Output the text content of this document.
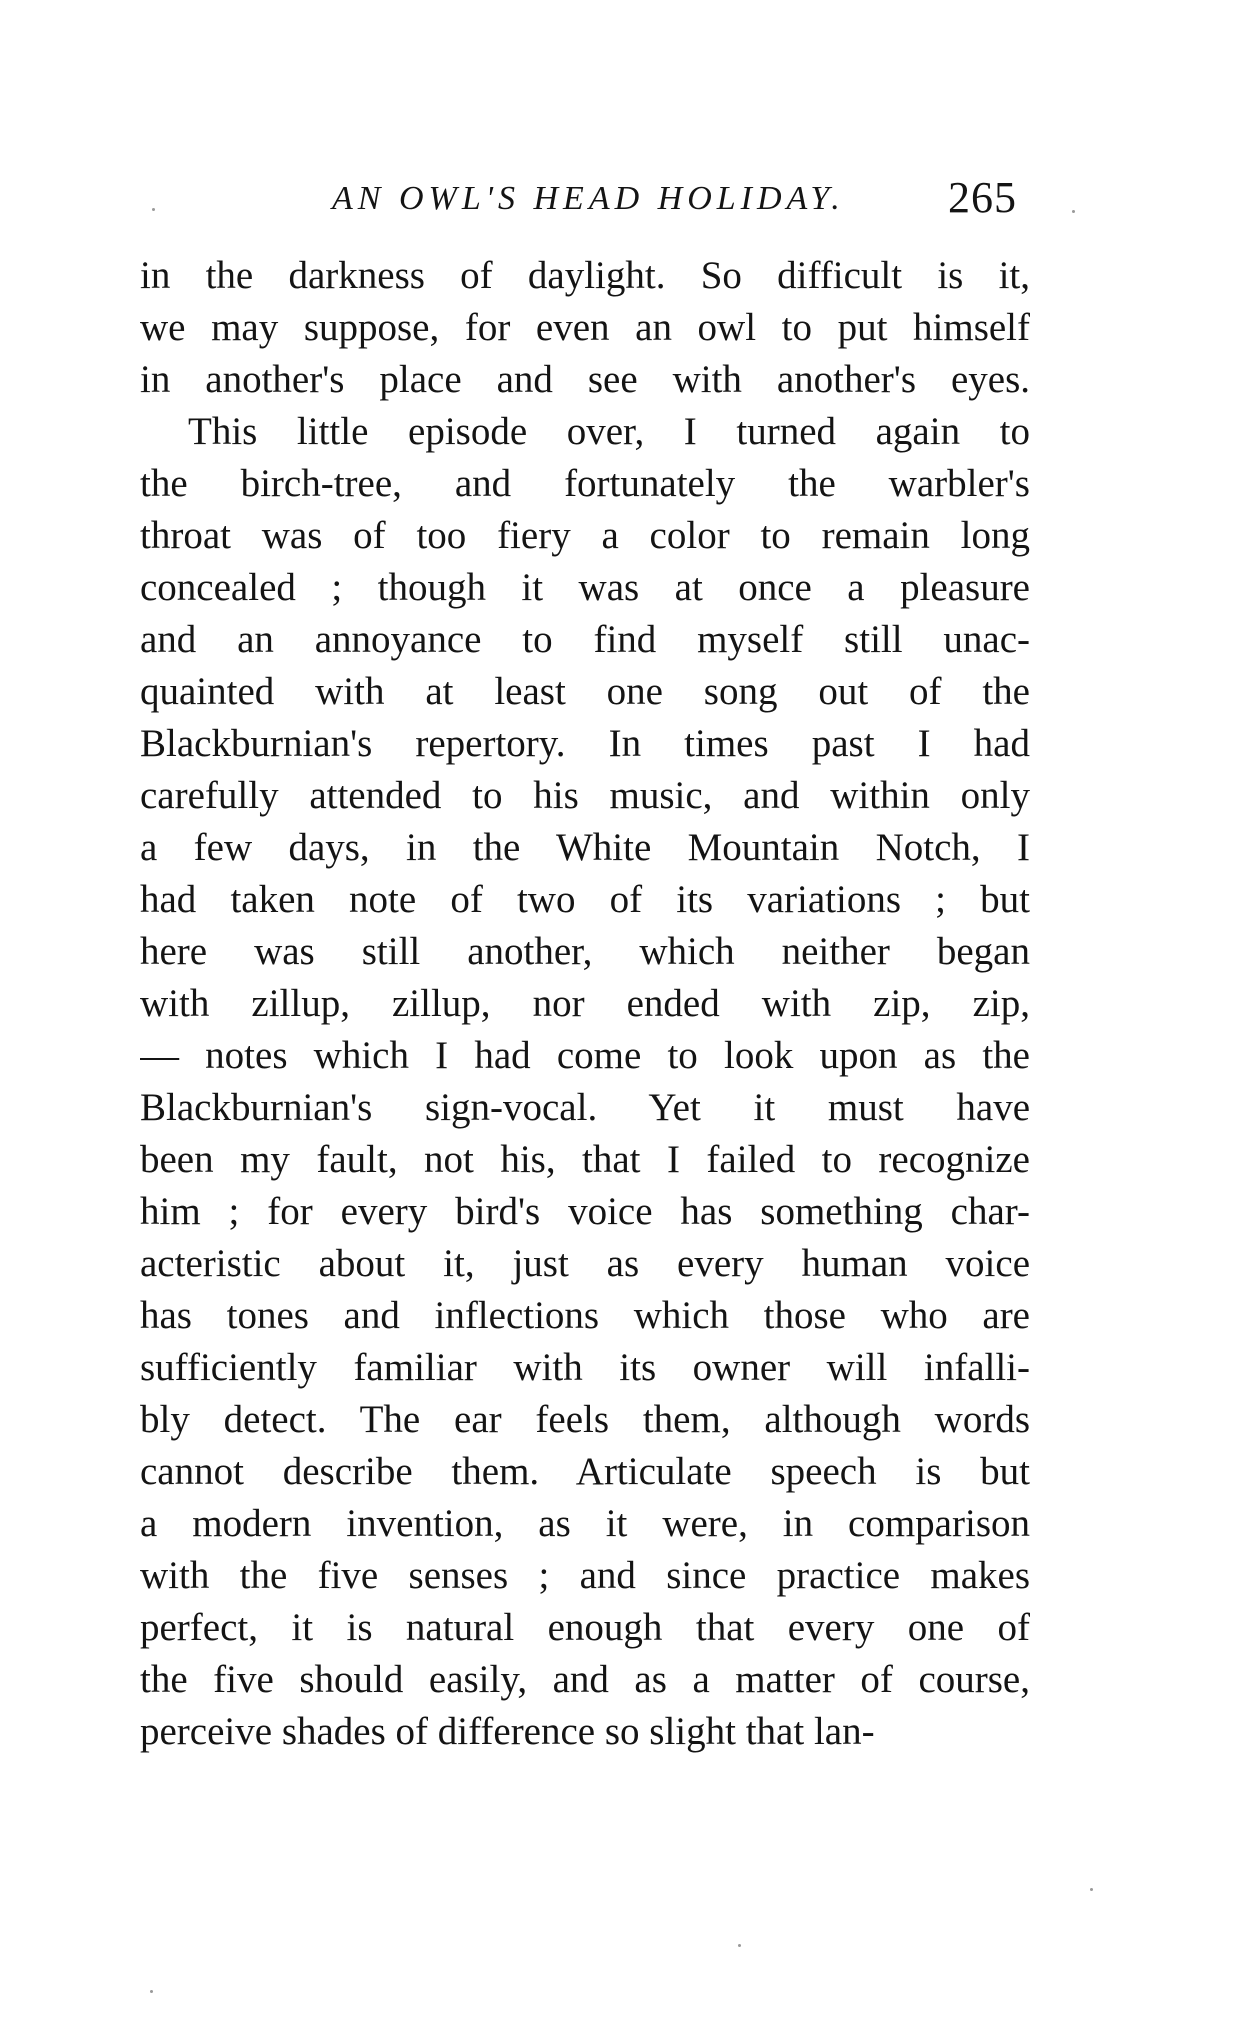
AN OWL'S HEAD HOLIDAY. 265
in the darkness of daylight. So difficult is it,
we may suppose, for even an owl to put himself
in another's place and see with another's eyes.
This little episode over, I turned again to
the birch-tree, and fortunately the warbler's
throat was of too fiery a color to remain long
concealed ; though it was at once a pleasure
and an annoyance to find myself still unac-
quainted with at least one song out of the
Blackburnian's repertory. In times past I had
carefully attended to his music, and within only
a few days, in the White Mountain Notch, I
had taken note of two of its variations ; but
here was still another, which neither began
with zillup, zillup, nor ended with zip, zip,
— notes which I had come to look upon as the
Blackburnian's sign-vocal. Yet it must have
been my fault, not his, that I failed to recognize
him ; for every bird's voice has something char-
acteristic about it, just as every human voice
has tones and inflections which those who are
sufficiently familiar with its owner will infalli-
bly detect. The ear feels them, although words
cannot describe them. Articulate speech is but
a modern invention, as it were, in comparison
with the five senses ; and since practice makes
perfect, it is natural enough that every one of
the five should easily, and as a matter of course,
perceive shades of difference so slight that lan-
